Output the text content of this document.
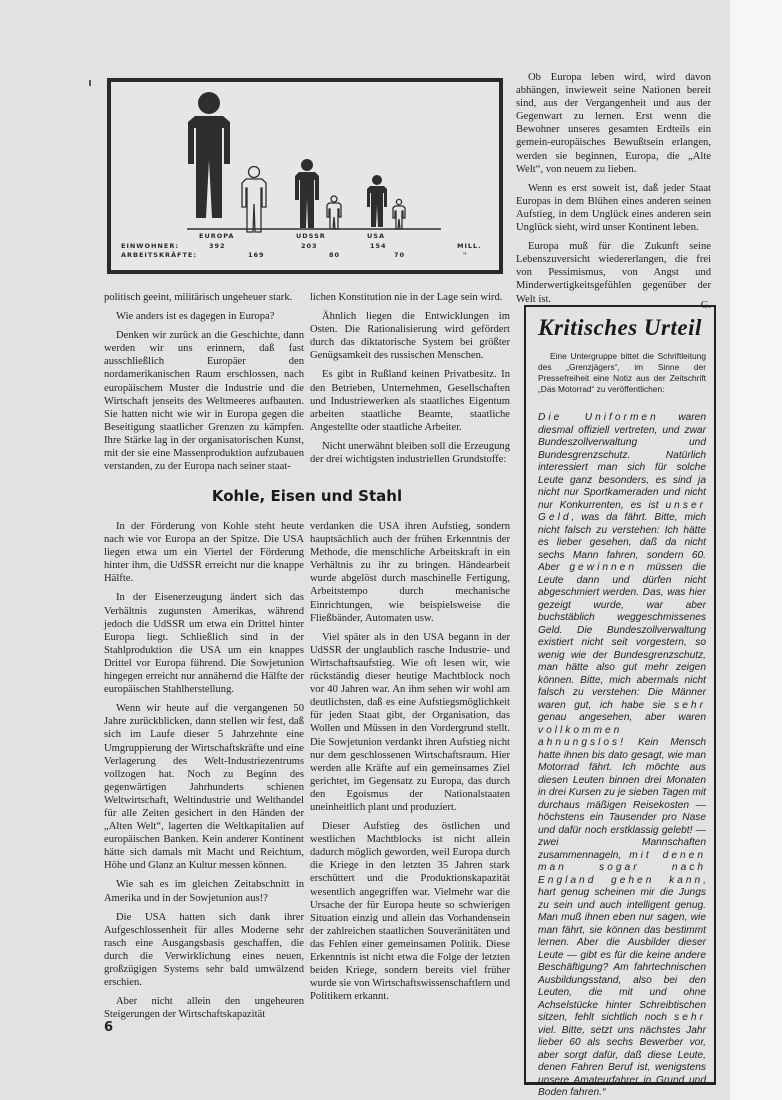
EUROPA	UDSSR	USA
EINWOHNER:	392	203	154	MILL.
ARBEITSKRÄFTE:	169	80	70	"

Ob Europa leben wird, wird davon abhängen, inwieweit seine Nationen bereit sind, aus der Vergangenheit und aus der Gegenwart zu lernen. Erst wenn die Bewohner unseres gesamten Erdteils ein gemein-europäisches Bewußtsein erlangen, werden sie beginnen, Europa, die „Alte Welt“, von neuem zu lieben.

Wenn es erst soweit ist, daß jeder Staat Europas in dem Blühen eines anderen seinen Aufstieg, in dem Unglück eines anderen sein Unglück sieht, wird unser Kontinent leben.

Europa muß für die Zukunft seine Lebenszuversicht wiedererlangen, die frei von Pessimismus, von Angst und Minderwertigkeitsgefühlen gegenüber der Welt ist.

G.

politisch geeint, militärisch ungeheuer stark.

Wie anders ist es dagegen in Europa?

Denken wir zurück an die Geschichte, dann werden wir uns erinnern, daß fast ausschließlich Europäer den nordamerikanischen Raum erschlossen, nach europäischem Muster die Industrie und die Wirtschaft jenseits des Weltmeeres aufbauten. Sie hatten nicht wie wir in Europa gegen die Beseitigung staatlicher Grenzen zu kämpfen. Ihre Stärke lag in der organisatorischen Kunst, mit der sie eine Massenproduktion aufzubauen verstanden, zu der Europa nach seiner staat-

lichen Konstitution nie in der Lage sein wird.

Ähnlich liegen die Entwicklungen im Osten. Die Rationalisierung wird gefördert durch das diktatorische System bei größter Genügsamkeit des russischen Menschen.

Es gibt in Rußland keinen Privatbesitz. In den Betrieben, Unternehmen, Gesellschaften und Industriewerken als staatliches Eigentum arbeiten staatliche Beamte, staatliche Angestellte oder staatliche Arbeiter.

Nicht unerwähnt bleiben soll die Erzeugung der drei wichtigsten industriellen Grundstoffe:

Kohle, Eisen und Stahl

In der Förderung von Kohle steht heute nach wie vor Europa an der Spitze. Die USA liegen etwa um ein Viertel der Förderung hinter ihm, die UdSSR erreicht nur die knappe Hälfte.

In der Eisenerzeugung ändert sich das Verhältnis zugunsten Amerikas, während jedoch die UdSSR um etwa ein Drittel hinter Europa liegt. Schließlich sind in der Stahlproduktion die USA um ein knappes Drittel vor Europa führend. Die Sowjetunion hingegen erreicht nur annähernd die Hälfte der europäischen Stahlherstellung.

Wenn wir heute auf die vergangenen 50 Jahre zurückblicken, dann stellen wir fest, daß sich im Laufe dieser 5 Jahrzehnte eine Umgruppierung der Wirtschaftskräfte und eine Verlagerung des Welt-Industriezentrums vollzogen hat. Noch zu Beginn des gegenwärtigen Jahrhunderts schienen Weltwirtschaft, Weltindustrie und Welthandel für alle Zeiten gesichert in den Händen der „Alten Welt“, lagerten die Weltkapitalien auf europäischen Banken. Kein anderer Kontinent hätte sich damals mit Macht und Reichtum, Höhe und Glanz an Kultur messen können.

Wie sah es im gleichen Zeitabschnitt in Amerika und in der Sowjetunion aus!?

Die USA hatten sich dank ihrer Aufgeschlossenheit für alles Moderne sehr rasch eine Ausgangsbasis geschaffen, die durch die Verwirklichung eines neuen, großzügigen Systems sehr bald umwälzend erschien.

Aber nicht allein den ungeheuren Steigerungen der Wirtschaftskapazität

verdanken die USA ihren Aufstieg, sondern hauptsächlich auch der frühen Erkenntnis der Methode, die menschliche Arbeitskraft in ein Verhältnis zu ihr zu bringen. Händearbeit wurde abgelöst durch maschinelle Fertigung, Arbeitstempo durch mechanische Einrichtungen, wie beispielsweise die Fließbänder, Automaten usw.

Viel später als in den USA begann in der UdSSR der unglaublich rasche Industrie- und Wirtschaftsaufstieg. Wie oft lesen wir, wie rückständig dieser heutige Machtblock noch vor 40 Jahren war. An ihm sehen wir wohl am deutlichsten, daß es eine Aufstiegsmöglichkeit für jeden Staat gibt, der Organisation, das Wollen und Müssen in den Vordergrund stellt. Die Sowjetunion verdankt ihren Aufstieg nicht nur dem geschlossenen Wirtschaftsraum. Hier werden alle Kräfte auf ein gemeinsames Ziel gerichtet, im Gegensatz zu Europa, das durch den Egoismus der Nationalstaaten uneinheitlich plant und produziert.

Dieser Aufstieg des östlichen und westlichen Machtblocks ist nicht allein dadurch möglich geworden, weil Europa durch die Kriege in den letzten 35 Jahren stark erschüttert und die Produktionskapazität wesentlich angegriffen war. Vielmehr war die Ursache der für Europa heute so schwierigen Situation einzig und allein das Vorhandensein der zahlreichen staatlichen Souveränitäten und das Fehlen einer gemeinsamen Politik. Diese Erkenntnis ist nicht etwa die Folge der letzten beiden Kriege, sondern bereits viel früher wurde sie von Wirtschaftswissenschaftlern und Politikern erkannt.

Kritisches Urteil

Eine Untergruppe bittet die Schriftleitung des „Grenzjägers“, im Sinne der Pressefreiheit eine Notiz aus der Zeitschrift „Das Motorrad“ zu veröffentlichen:

Die Uniformen waren diesmal offiziell vertreten, und zwar Bundeszollverwaltung und Bundesgrenzschutz. Natürlich interessiert man sich für solche Leute ganz besonders, es sind ja nicht nur Sportkameraden und nicht nur Konkurrenten, es ist unser Geld, was da fährt. Bitte, mich nicht falsch zu verstehen: Ich hätte es lieber gesehen, daß da nicht sechs Mann fahren, sondern 60. Aber gewinnen müssen die Leute dann und dürfen nicht abgeschmiert werden. Das, was hier gezeigt wurde, war aber buchstäblich weggeschmissenes Geld. Die Bundeszollverwaltung existiert nicht seit vorgestern, so wenig wie der Bundesgrenzschutz, man hätte also gut mehr zeigen können. Bitte, mich abermals nicht falsch zu verstehen: Die Männer waren gut, ich habe sie sehr genau angesehen, aber waren vollkommen ahnungslos! Kein Mensch hatte ihnen bis dato gesagt, wie man Motorrad fährt. Ich möchte aus diesen Leuten binnen drei Monaten in drei Kursen zu je sieben Tagen mit durchaus mäßigen Reisekosten — höchstens ein Tausender pro Nase und dafür noch erstklassig gelebt! — zwei Mannschaften zusammennageln, mit denen man sogar nach England gehen kann, hart genug scheinen mir die Jungs zu sein und auch intelligent genug. Man muß ihnen eben nur sagen, wie man fährt, sie können das bestimmt lernen. Aber die Ausbilder dieser Leute — gibt es für die keine andere Beschäftigung? Am fahrtechnischen Ausbildungsstand, also bei den Leuten, die mit und ohne Achselstücke hinter Schreibtischen sitzen, fehlt sichtlich noch sehr viel. Bitte, setzt uns nächstes Jahr lieber 60 als sechs Bewerber vor, aber sorgt dafür, daß diese Leute, denen Fahren Beruf ist, wenigstens unsere Amateurfahrer in Grund und Boden fahren.“

6
